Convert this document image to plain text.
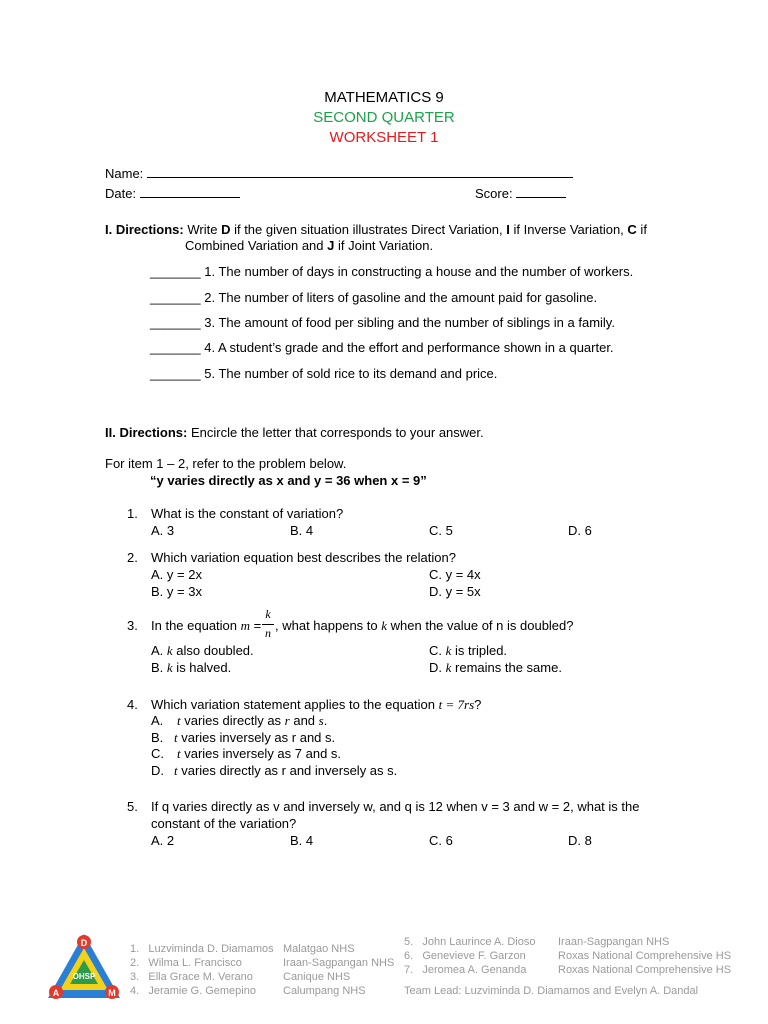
MATHEMATICS 9
SECOND QUARTER
WORKSHEET 1
Name:
Date:	Score:
I. Directions: Write D if the given situation illustrates Direct Variation, I if Inverse Variation, C if
Combined Variation and J if Joint Variation.
_______ 1. The number of days in constructing a house and the number of workers.
_______ 2. The number of liters of gasoline and the amount paid for gasoline.
_______ 3. The amount of food per sibling and the number of siblings in a family.
_______ 4. A student’s grade and the effort and performance shown in a quarter.
_______ 5. The number of sold rice to its demand and price.
II. Directions: Encircle the letter that corresponds to your answer.
For item 1 – 2, refer to the problem below.
“y varies directly as x and y = 36 when x = 9”
1. What is the constant of variation?
A. 3	B. 4	C. 5	D. 6
2. Which variation equation best describes the relation?
A. y = 2x
B. y = 3x
C. y = 4x
D. y = 5x
3. In the equation m =
k
n , what happens to k when the value of n is doubled?
A. k also doubled.
B. k is halved.
C. k is tripled.
D. k remains the same.
4. Which variation statement applies to the equation t = 7rs?
A. t varies directly as r and s.
B. t varies inversely as r and s.
C. t varies inversely as 7 and s.
D. t varies directly as r and inversely as s.
5. If q varies directly as v and inversely w, and q is 12 when v = 3 and w = 2, what is the
constant of the variation?
A. 2	B. 4	C. 6	D. 8
D
OHSP
M
A
1. Luzviminda D. Diamamos Malatgao NHS
2. Wilma L. Francisco	Iraan-Sagpangan NHS
3. Ella Grace M. Verano	Canique NHS
4. Jeramie G. Gemepino Calumpang NHS
5. John Laurince A. Dioso Iraan-Sagpangan NHS
6. Genevieve F. Garzon	Roxas National Comprehensive HS
7. Jeromea A. Genanda	Roxas National Comprehensive HS
Team Lead: Luzviminda D. Diamamos and Evelyn A. Dandal
